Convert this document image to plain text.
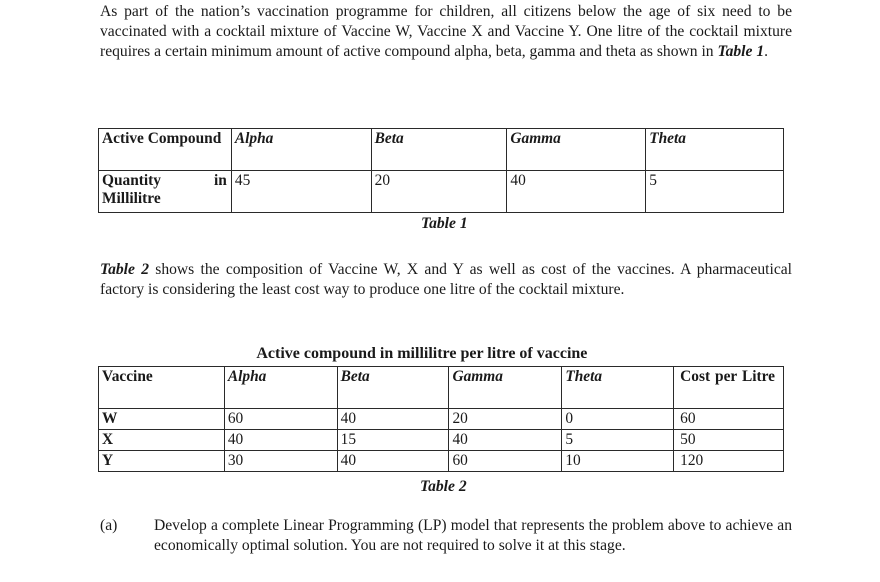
As part of the nation’s vaccination programme for children, all citizens below the age of six need to be vaccinated with a cocktail mixture of Vaccine W, Vaccine X and Vaccine Y. One litre of the cocktail mixture requires a certain minimum amount of active compound alpha, beta, gamma and theta as shown in Table 1.

Active Compound	Alpha	Beta	Gamma	Theta
Quantity in Millilitre	45	20	40	5
Table 1

Table 2 shows the composition of Vaccine W, X and Y as well as cost of the vaccines. A pharmaceutical factory is considering the least cost way to produce one litre of the cocktail mixture.

	Active compound in millilitre per litre of vaccine				
Vaccine	Alpha	Beta	Gamma	Theta	Cost per Litre
W	60	40	20	0	60
X	40	15	40	5	50
Y	30	40	60	10	120
Table 2
(a) Develop a complete Linear Programming (LP) model that represents the problem above to achieve an economically optimal solution. You are not required to solve it at this stage.
